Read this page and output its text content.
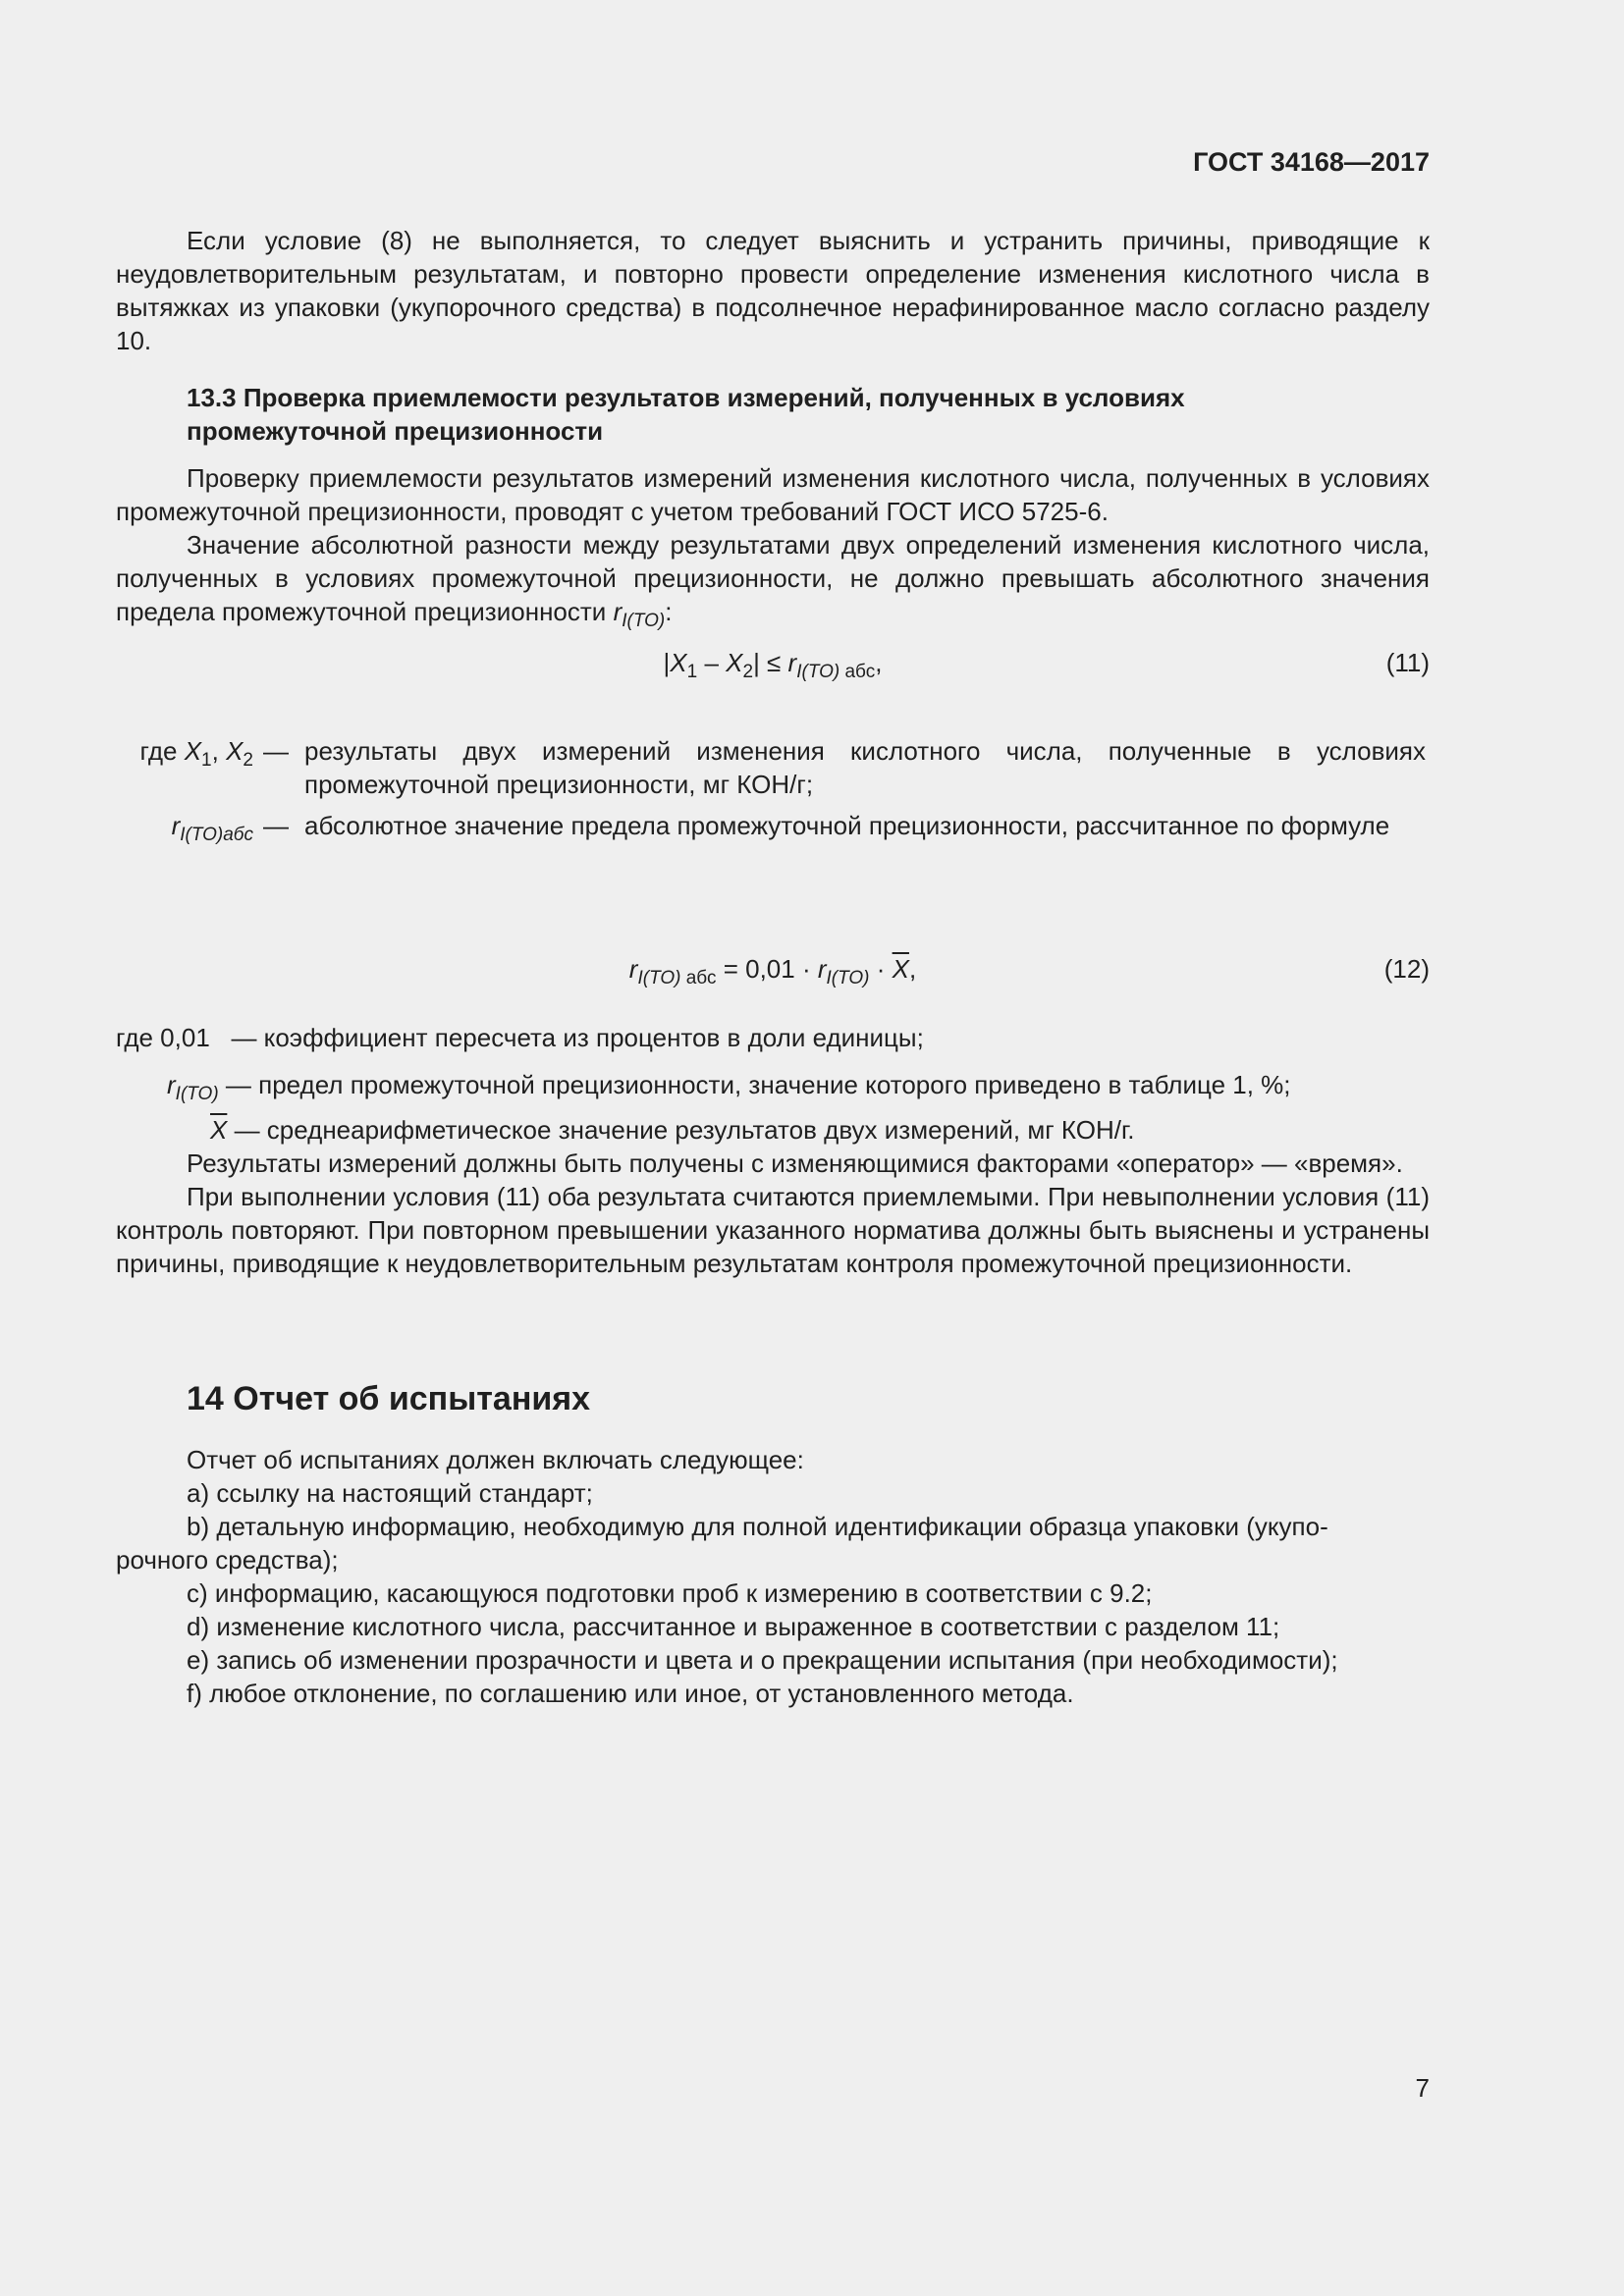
ГОСТ 34168—2017

Если условие (8) не выполняется, то следует выяснить и устранить причины, приводящие к неудовлетворительным результатам, и повторно провести определение изменения кислотного числа в вытяжках из упаковки (укупорочного средства) в подсолнечное нерафинированное масло согласно разделу 10.

13.3 Проверка приемлемости результатов измерений, полученных в условиях
промежуточной прецизионности

Проверку приемлемости результатов измерений изменения кислотного числа, полученных в условиях промежуточной прецизионности, проводят с учетом требований ГОСТ ИСО 5725-6.

Значение абсолютной разности между результатами двух определений изменения кислотного числа, полученных в условиях промежуточной прецизионности, не должно превышать абсолютного значения предела промежуточной прецизионности $r_{I(TO)}$:

$|X_1 - X_2| \le r_{I(TO) абс}$,	(11)
где $X_1$, $X_2$ — результаты двух измерений изменения кислотного числа, полученные в условиях промежуточной прецизионности, мг КОН/г;
$r_{I(TO)абс}$ — абсолютное значение предела промежуточной прецизионности, рассчитанное по формуле
$r_{I(TO) абс} = 0,01 \cdot r_{I(TO)} \cdot \overline{X}$,	(12)
где 0,01 — коэффициент пересчета из процентов в доли единицы;
$r_{I(TO)}$ — предел промежуточной прецизионности, значение которого приведено в таблице 1, %;
$\overline{X}$ — среднеарифметическое значение результатов двух измерений, мг КОН/г.

Результаты измерений должны быть получены с изменяющимися факторами «оператор» — «время».

При выполнении условия (11) оба результата считаются приемлемыми. При невыполнении условия (11) контроль повторяют. При повторном превышении указанного норматива должны быть выяснены и устранены причины, приводящие к неудовлетворительным результатам контроля промежуточной прецизионности.

14 Отчет об испытаниях
Отчет об испытаниях должен включать следующее:
a) ссылку на настоящий стандарт;
b) детальную информацию, необходимую для полной идентификации образца упаковки (укупо-
рочного средства);
c) информацию, касающуюся подготовки проб к измерению в соответствии с 9.2;
d) изменение кислотного числа, рассчитанное и выраженное в соответствии с разделом 11;
e) запись об изменении прозрачности и цвета и о прекращении испытания (при необходимости);
f) любое отклонение, по соглашению или иное, от установленного метода.
7
